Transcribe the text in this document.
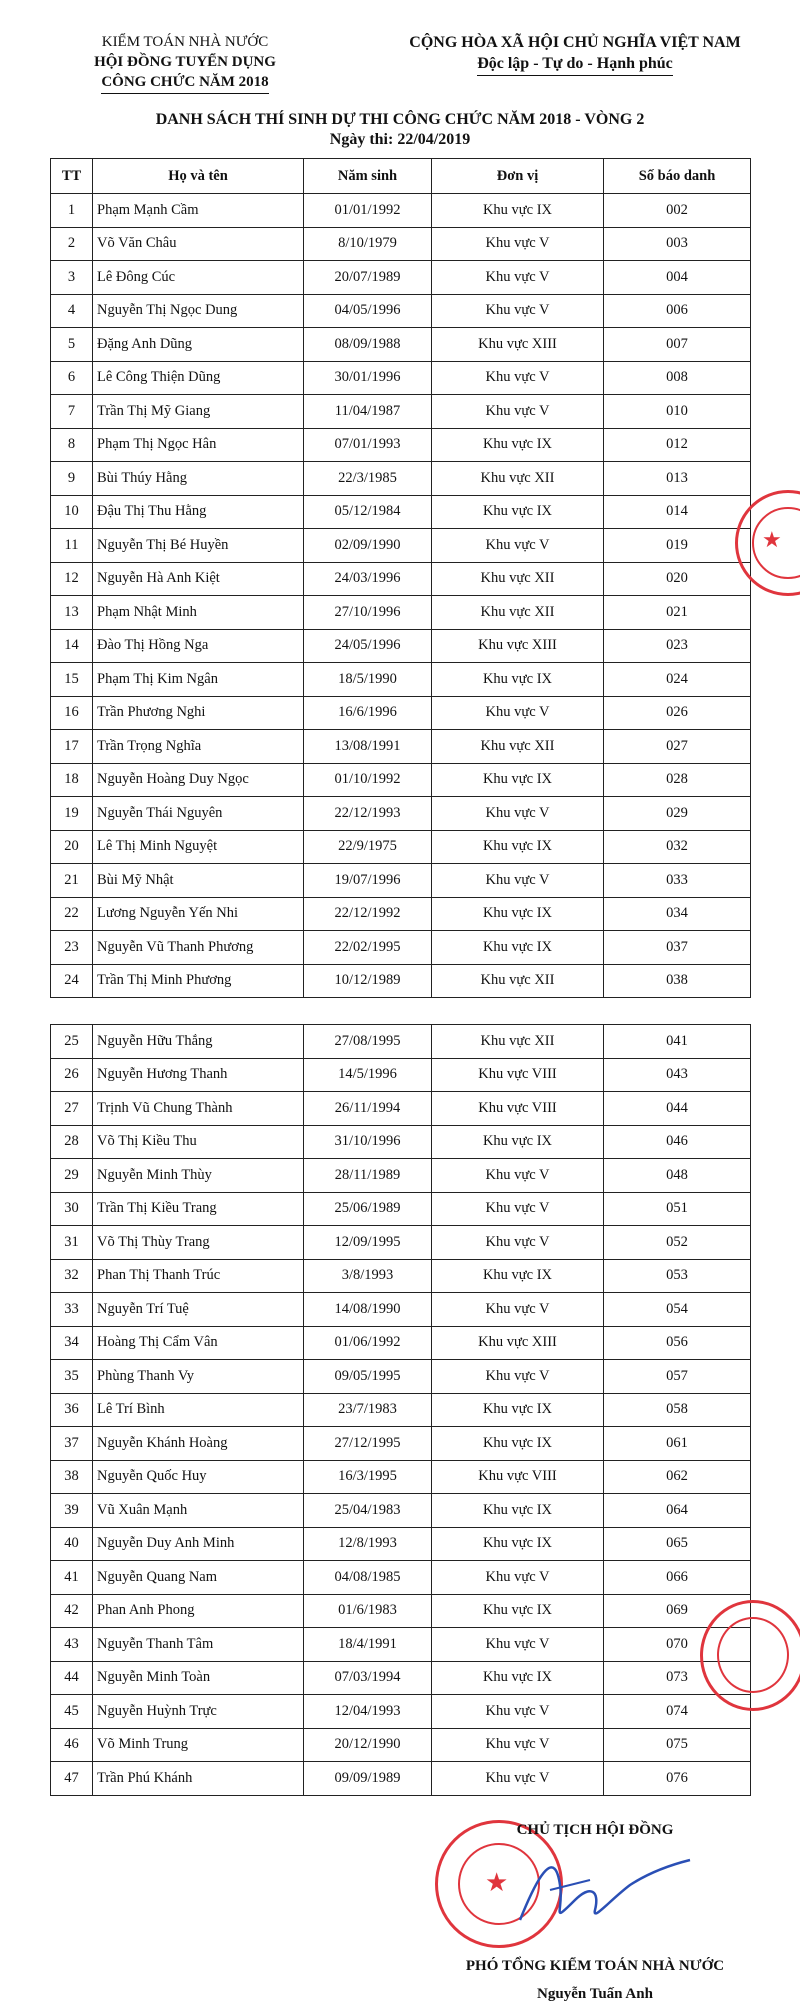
KIỂM TOÁN NHÀ NƯỚC
HỘI ĐỒNG TUYỂN DỤNG
CÔNG CHỨC NĂM 2018
CỘNG HÒA XÃ HỘI CHỦ NGHĨA VIỆT NAM
Độc lập - Tự do - Hạnh phúc
DANH SÁCH THÍ SINH DỰ THI CÔNG CHỨC NĂM 2018 - VÒNG 2
Ngày thi: 22/04/2019
TT	Họ và tên	Năm sinh	Đơn vị	Số báo danh
1	Phạm Mạnh Cầm	01/01/1992	Khu vực IX	002
2	Võ Văn Châu	8/10/1979	Khu vực V	003
3	Lê Đông Cúc	20/07/1989	Khu vực V	004
4	Nguyễn Thị Ngọc Dung	04/05/1996	Khu vực V	006
5	Đặng Anh Dũng	08/09/1988	Khu vực XIII	007
6	Lê Công Thiện Dũng	30/01/1996	Khu vực V	008
7	Trần Thị Mỹ Giang	11/04/1987	Khu vực V	010
8	Phạm Thị Ngọc Hân	07/01/1993	Khu vực IX	012
9	Bùi Thúy Hằng	22/3/1985	Khu vực XII	013
10	Đậu Thị Thu Hằng	05/12/1984	Khu vực IX	014
11	Nguyễn Thị Bé Huyền	02/09/1990	Khu vực V	019
12	Nguyễn Hà Anh Kiệt	24/03/1996	Khu vực XII	020
13	Phạm Nhật Minh	27/10/1996	Khu vực XII	021
14	Đào Thị Hồng Nga	24/05/1996	Khu vực XIII	023
15	Phạm Thị Kim Ngân	18/5/1990	Khu vực IX	024
16	Trần Phương Nghi	16/6/1996	Khu vực V	026
17	Trần Trọng Nghĩa	13/08/1991	Khu vực XII	027
18	Nguyễn Hoàng Duy Ngọc	01/10/1992	Khu vực IX	028
19	Nguyễn Thái Nguyên	22/12/1993	Khu vực V	029
20	Lê Thị Minh Nguyệt	22/9/1975	Khu vực IX	032
21	Bùi Mỹ Nhật	19/07/1996	Khu vực V	033
22	Lương Nguyễn Yến Nhi	22/12/1992	Khu vực IX	034
23	Nguyễn Vũ Thanh Phương	22/02/1995	Khu vực IX	037
24	Trần Thị Minh Phương	10/12/1989	Khu vực XII	038
25	Nguyễn Hữu Thắng	27/08/1995	Khu vực XII	041
26	Nguyễn Hương Thanh	14/5/1996	Khu vực VIII	043
27	Trịnh Vũ Chung Thành	26/11/1994	Khu vực VIII	044
28	Võ Thị Kiều Thu	31/10/1996	Khu vực IX	046
29	Nguyễn Minh Thùy	28/11/1989	Khu vực V	048
30	Trần Thị Kiều Trang	25/06/1989	Khu vực V	051
31	Võ Thị Thùy Trang	12/09/1995	Khu vực V	052
32	Phan Thị Thanh Trúc	3/8/1993	Khu vực IX	053
33	Nguyễn Trí Tuệ	14/08/1990	Khu vực V	054
34	Hoàng Thị Cẩm Vân	01/06/1992	Khu vực XIII	056
35	Phùng Thanh Vy	09/05/1995	Khu vực V	057
36	Lê Trí Bình	23/7/1983	Khu vực IX	058
37	Nguyễn Khánh Hoàng	27/12/1995	Khu vực IX	061
38	Nguyễn Quốc Huy	16/3/1995	Khu vực VIII	062
39	Vũ Xuân Mạnh	25/04/1983	Khu vực IX	064
40	Nguyễn Duy Anh Minh	12/8/1993	Khu vực IX	065
41	Nguyễn Quang Nam	04/08/1985	Khu vực V	066
42	Phan Anh Phong	01/6/1983	Khu vực IX	069
43	Nguyễn Thanh Tâm	18/4/1991	Khu vực V	070
44	Nguyễn Minh Toàn	07/03/1994	Khu vực IX	073
45	Nguyễn Huỳnh Trực	12/04/1993	Khu vực V	074
46	Võ Minh Trung	20/12/1990	Khu vực V	075
47	Trần Phú Khánh	09/09/1989	Khu vực V	076
★
★
CHỦ TỊCH HỘI ĐỒNG
PHÓ TỔNG KIỂM TOÁN NHÀ NƯỚC
Nguyễn Tuấn Anh
